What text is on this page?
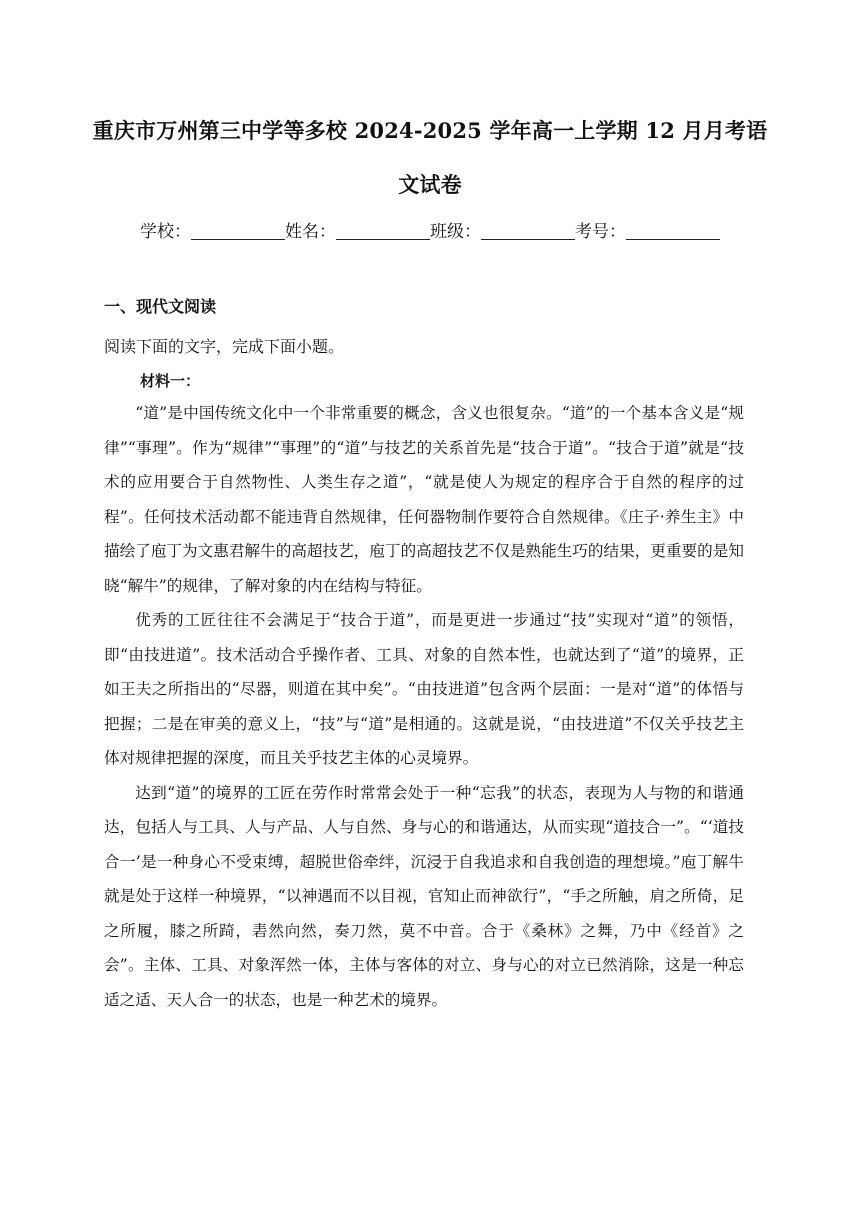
重庆市万州第三中学等多校 2024-2025 学年高一上学期 12 月月考语
文试卷
学校：	姓名：	班级：	考号：
一、现代文阅读
阅读下面的文字，完成下面小题。
材料一：

“道”是中国传统文化中一个非常重要的概念，含义也很复杂。“道”的一个基本含义是“规律”“事理”。作为“规律”“事理”的“道”与技艺的关系首先是“技合于道”。“技合于道”就是“技术的应用要合于自然物性、人类生存之道”，“就是使人为规定的程序合于自然的程序的过程”。任何技术活动都不能违背自然规律，任何器物制作要符合自然规律。《庄子·养生主》中描绘了庖丁为文惠君解牛的高超技艺，庖丁的高超技艺不仅是熟能生巧的结果，更重要的是知晓“解牛”的规律，了解对象的内在结构与特征。

优秀的工匠往往不会满足于“技合于道”，而是更进一步通过“技”实现对“道”的领悟，即“由技进道”。技术活动合乎操作者、工具、对象的自然本性，也就达到了“道”的境界，正如王夫之所指出的“尽器，则道在其中矣”。“由技进道”包含两个层面：一是对“道”的体悟与把握；二是在审美的意义上，“技”与“道”是相通的。这就是说，“由技进道”不仅关乎技艺主体对规律把握的深度，而且关乎技艺主体的心灵境界。

达到“道”的境界的工匠在劳作时常常会处于一种“忘我”的状态，表现为人与物的和谐通达，包括人与工具、人与产品、人与自然、身与心的和谐通达，从而实现“道技合一”。“‘道技合一’是一种身心不受束缚，超脱世俗牵绊，沉浸于自我追求和自我创造的理想境。”庖丁解牛就是处于这样一种境界，“以神遇而不以目视，官知止而神欲行”，“手之所触，肩之所倚，足之所履，膝之所踦，砉然向然，奏刀然，莫不中音。合于《桑林》之舞，乃中《经首》之会”。主体、工具、对象浑然一体，主体与客体的对立、身与心的对立已然消除，这是一种忘适之适、天人合一的状态，也是一种艺术的境界。
